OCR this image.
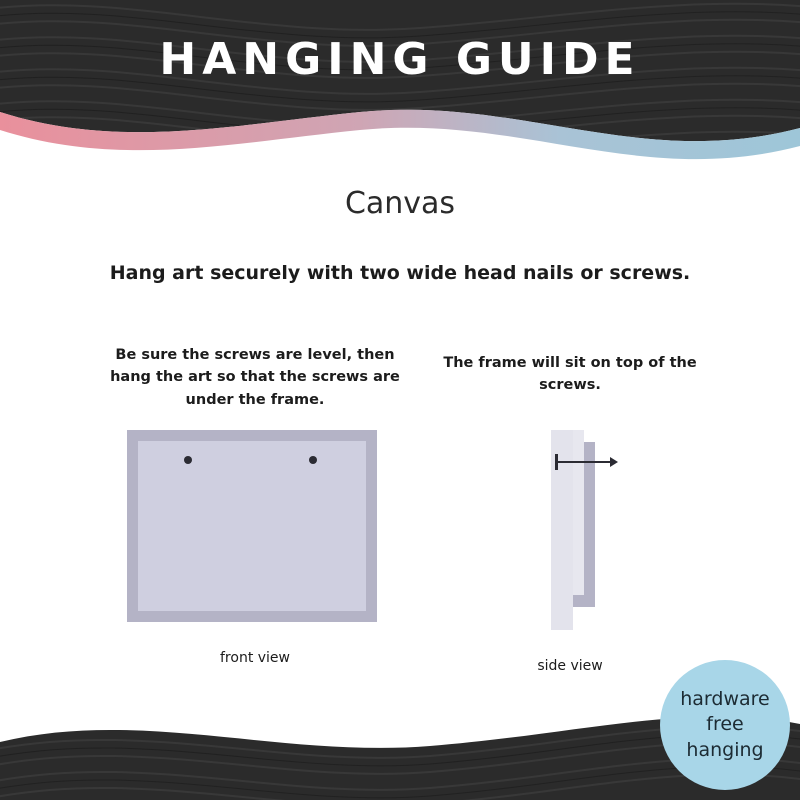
HANGING GUIDE
Canvas
Hang art securely with two wide head nails or screws.
Be sure the screws are level, then hang the art so that the screws are under the frame.
The frame will sit on top of the screws.
front view	side view
hardware
free
hanging
